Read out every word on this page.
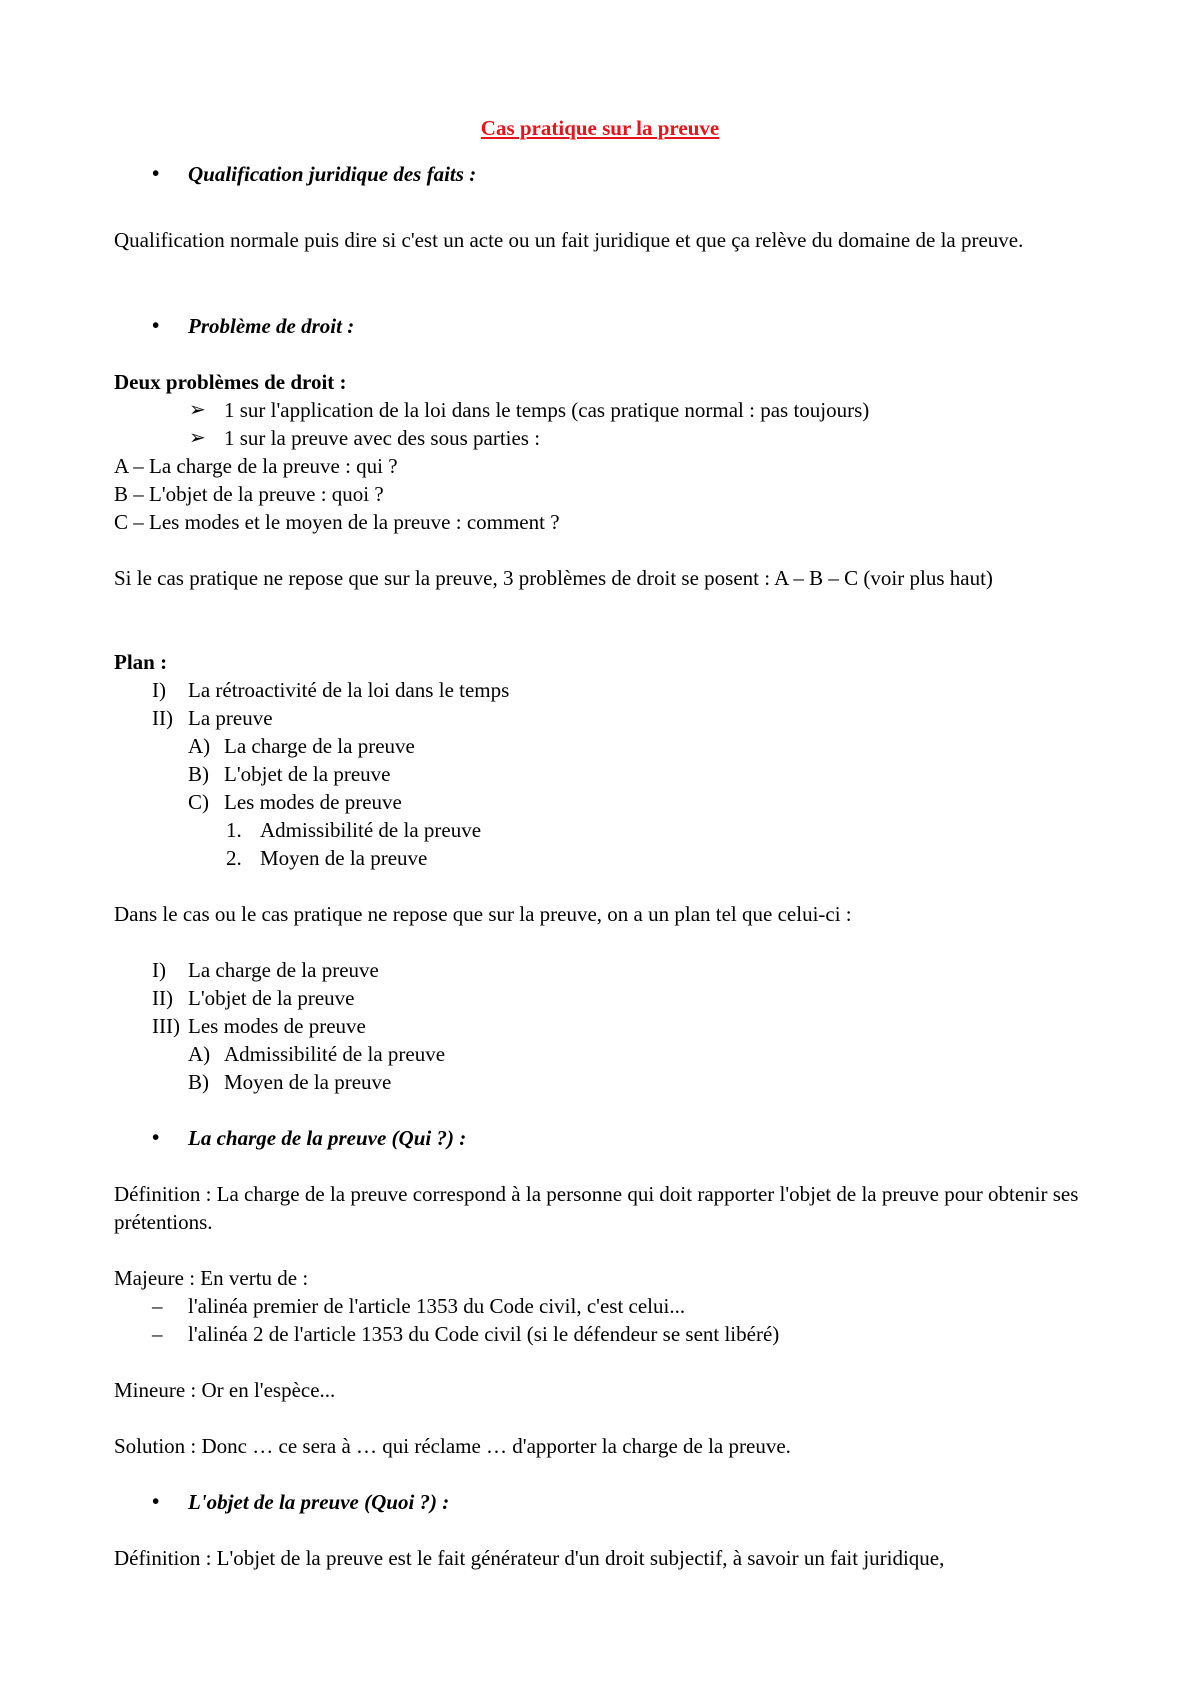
Cas pratique sur la preuve
• Qualification juridique des faits :
Qualification normale puis dire si c'est un acte ou un fait juridique et que ça relève du domaine de la preuve.
• Problème de droit :
Deux problèmes de droit :
➢ 1 sur l'application de la loi dans le temps (cas pratique normal : pas toujours)
➢ 1 sur la preuve avec des sous parties :
A – La charge de la preuve : qui ?
B – L'objet de la preuve : quoi ?
C – Les modes et le moyen de la preuve : comment ?
Si le cas pratique ne repose que sur la preuve, 3 problèmes de droit se posent : A – B – C (voir plus haut)
Plan :
I) La rétroactivité de la loi dans le temps
II) La preuve
A) La charge de la preuve
B) L'objet de la preuve
C) Les modes de preuve
1. Admissibilité de la preuve
2. Moyen de la preuve
Dans le cas ou le cas pratique ne repose que sur la preuve, on a un plan tel que celui-ci :
I) La charge de la preuve
II) L'objet de la preuve
III) Les modes de preuve
A) Admissibilité de la preuve
B) Moyen de la preuve
• La charge de la preuve (Qui ?) :
Définition : La charge de la preuve correspond à la personne qui doit rapporter l'objet de la preuve pour obtenir ses prétentions.
Majeure : En vertu de :
– l'alinéa premier de l'article 1353 du Code civil, c'est celui...
– l'alinéa 2 de l'article 1353 du Code civil (si le défendeur se sent libéré)
Mineure : Or en l'espèce...
Solution : Donc … ce sera à … qui réclame … d'apporter la charge de la preuve.
• L'objet de la preuve (Quoi ?) :
Définition : L'objet de la preuve est le fait générateur d'un droit subjectif, à savoir un fait juridique,
